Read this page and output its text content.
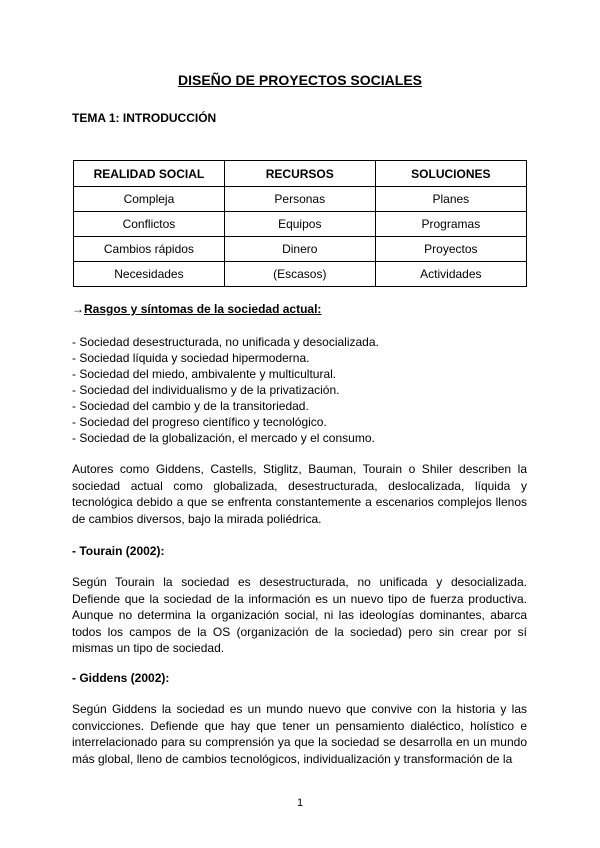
DISEÑO DE PROYECTOS SOCIALES
TEMA 1: INTRODUCCIÓN
REALIDAD SOCIAL	RECURSOS	SOLUCIONES
Compleja	Personas	Planes
Conflictos	Equipos	Programas
Cambios rápidos	Dinero	Proyectos
Necesidades	(Escasos)	Actividades
→Rasgos y síntomas de la sociedad actual:
- Sociedad desestructurada, no unificada y desocializada.
- Sociedad líquida y sociedad hipermoderna.
- Sociedad del miedo, ambivalente y multicultural.
- Sociedad del individualismo y de la privatización.
- Sociedad del cambio y de la transitoriedad.
- Sociedad del progreso científico y tecnológico.
- Sociedad de la globalización, el mercado y el consumo.

Autores como Giddens, Castells, Stiglitz, Bauman, Tourain o Shiler describen la sociedad actual como globalizada, desestructurada, deslocalizada, líquida y tecnológica debido a que se enfrenta constantemente a escenarios complejos llenos de cambios diversos, bajo la mirada poliédrica.

- Tourain (2002):

Según Tourain la sociedad es desestructurada, no unificada y desocializada. Defiende que la sociedad de la información es un nuevo tipo de fuerza productiva. Aunque no determina la organización social, ni las ideologías dominantes, abarca todos los campos de la OS (organización de la sociedad) pero sin crear por sí mismas un tipo de sociedad.

- Giddens (2002):

Según Giddens la sociedad es un mundo nuevo que convive con la historia y las convicciones. Defiende que hay que tener un pensamiento dialéctico, holístico e interrelacionado para su comprensión ya que la sociedad se desarrolla en un mundo más global, lleno de cambios tecnológicos, individualización y transformación de la

1
